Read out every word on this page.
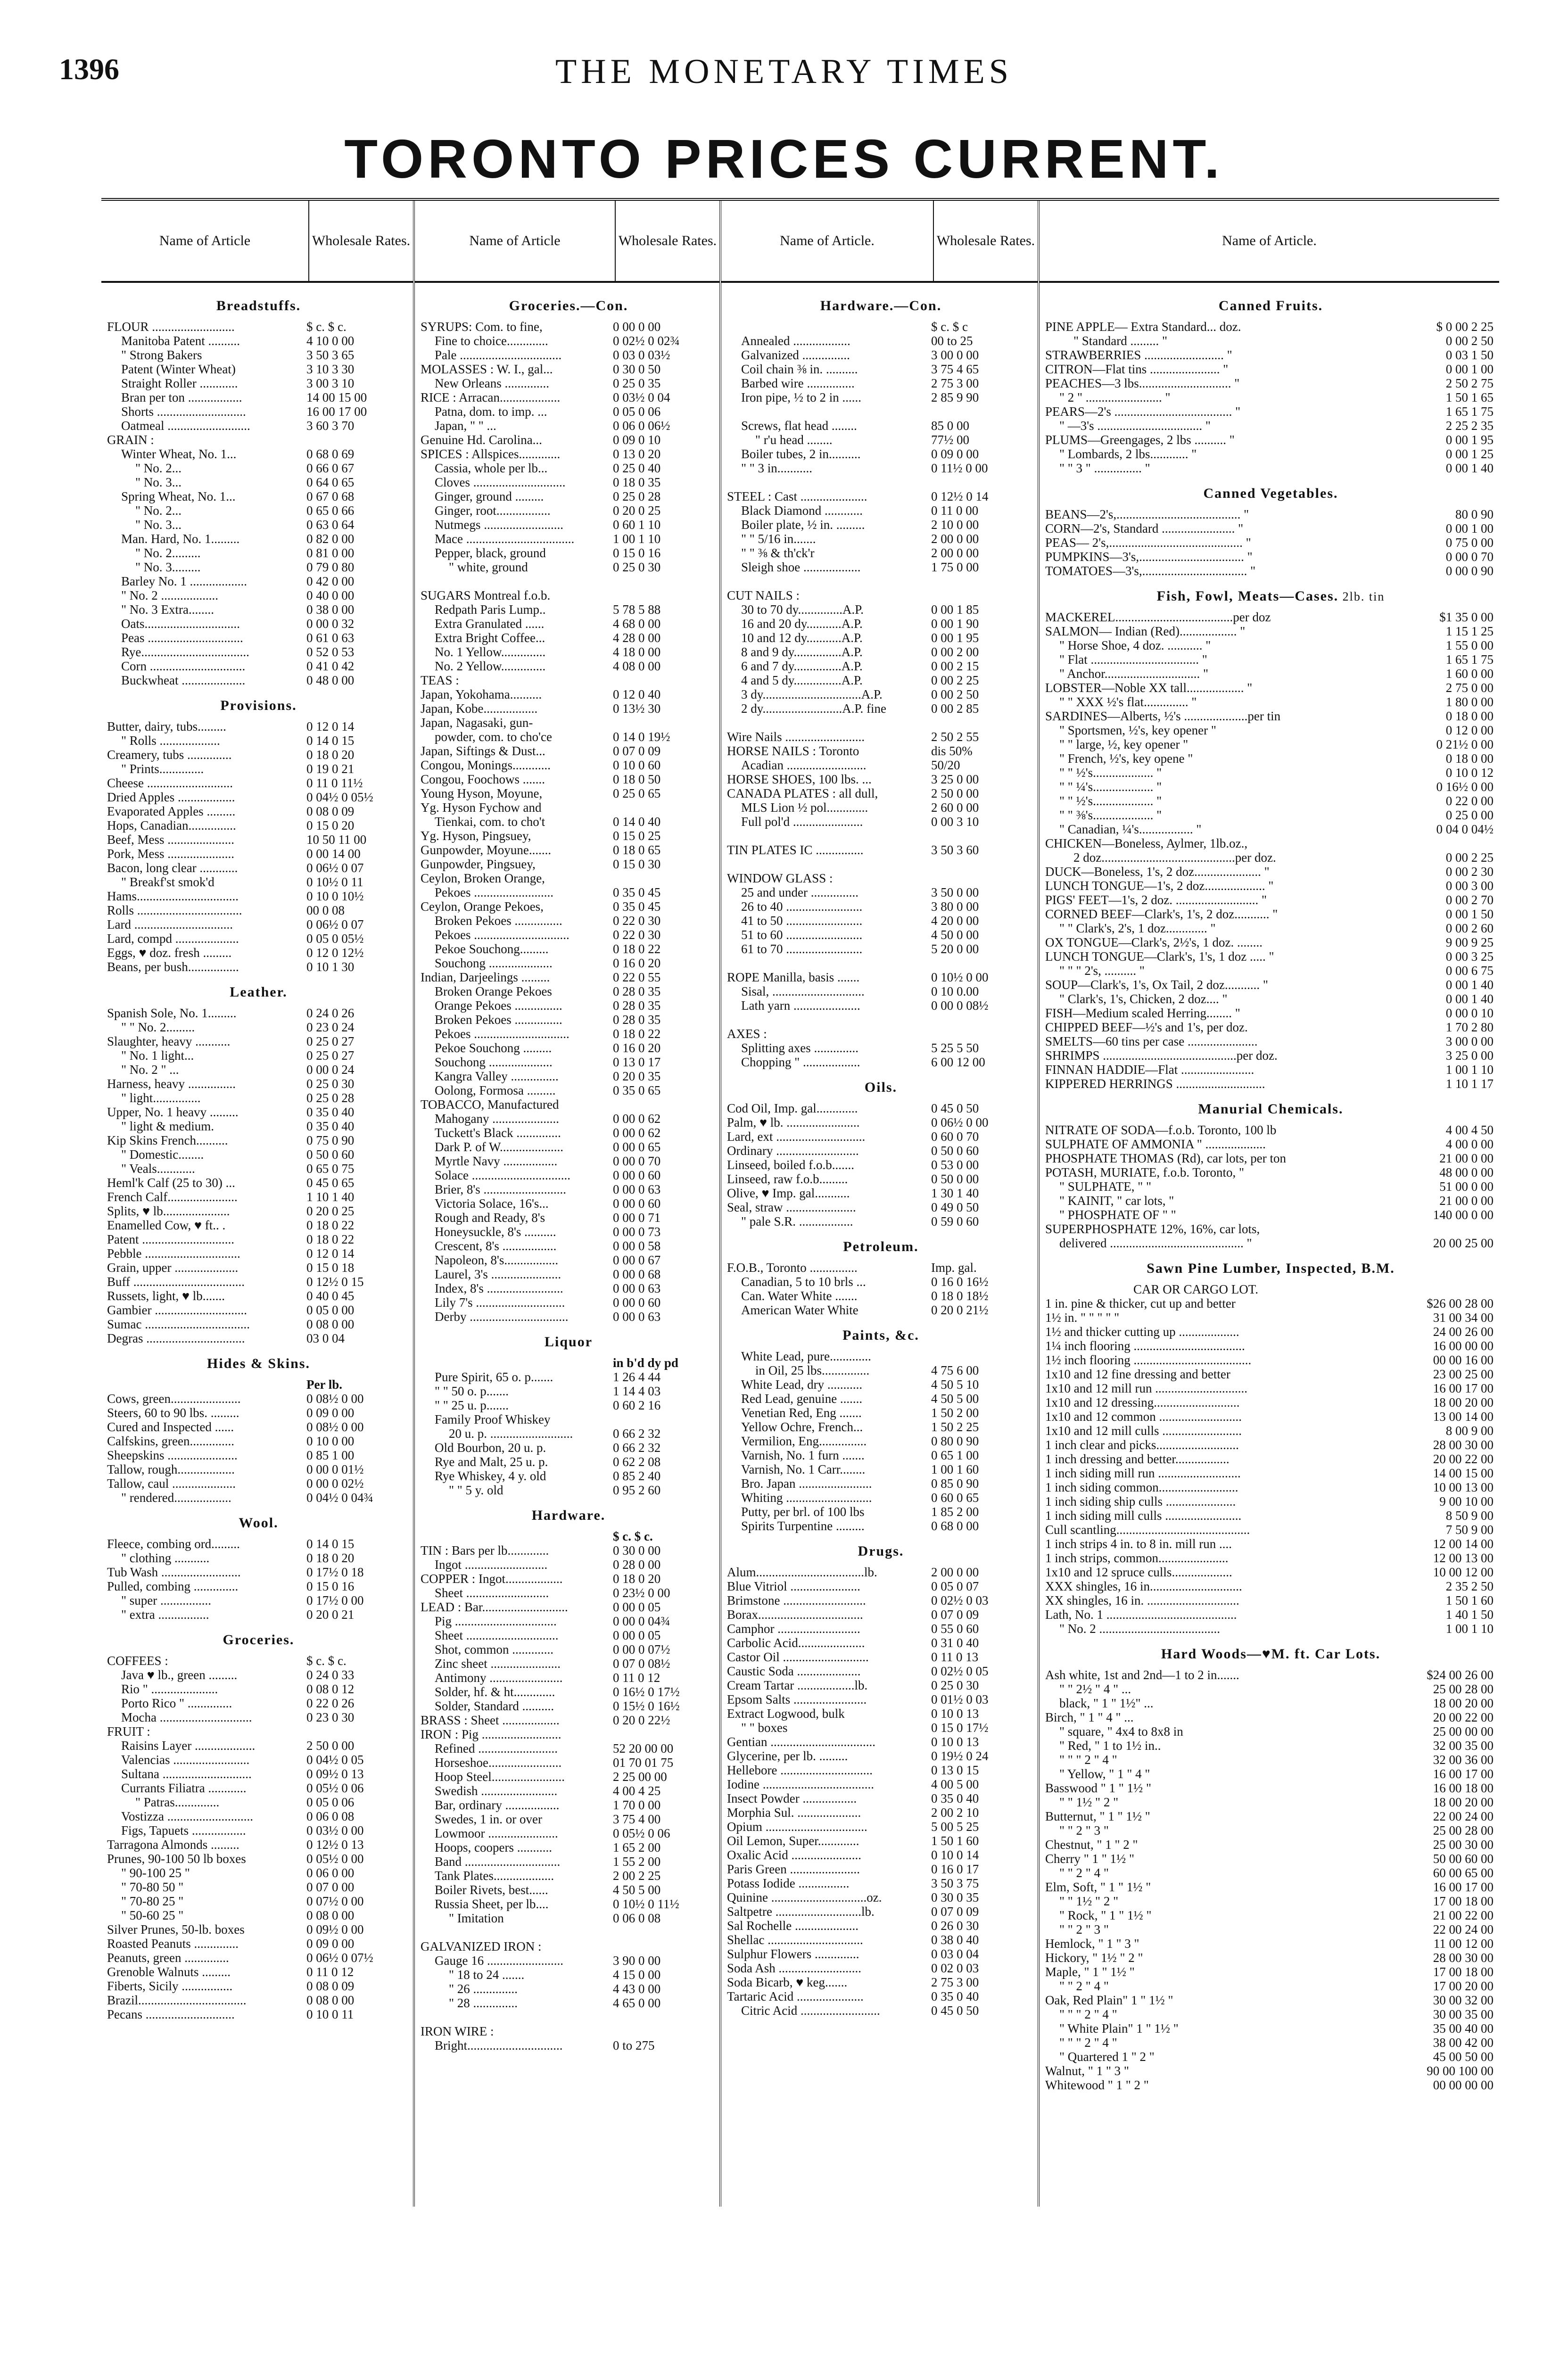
1396	THE MONETARY TIMES
TORONTO PRICES CURRENT.
Name of Article	Wholesale Rates.
Breadstuffs.
FLOUR ..........................	$ c. $ c.
Manitoba Patent ..........	4 10 0 00
" Strong Bakers	3 50 3 65
Patent (Winter Wheat)	3 10 3 30
Straight Roller ............	3 00 3 10
Bran per ton .................	14 00 15 00
Shorts ............................	16 00 17 00
Oatmeal ..........................	3 60 3 70
GRAIN :
Winter Wheat, No. 1...	0 68 0 69
" No. 2...	0 66 0 67
" No. 3...	0 64 0 65
Spring Wheat, No. 1...	0 67 0 68
" No. 2...	0 65 0 66
" No. 3...	0 63 0 64
Man. Hard, No. 1.........	0 82 0 00
" No. 2.........	0 81 0 00
" No. 3.........	0 79 0 80
Barley No. 1 ..................	0 42 0 00
" No. 2 ..................	0 40 0 00
" No. 3 Extra........	0 38 0 00
Oats..............................	0 00 0 32
Peas ..............................	0 61 0 63
Rye..................................	0 52 0 53
Corn ..............................	0 41 0 42
Buckwheat ....................	0 48 0 00
Provisions.
Butter, dairy, tubs.........	0 12 0 14
" Rolls ...................	0 14 0 15
Creamery, tubs ..............	0 18 0 20
" Prints..............	0 19 0 21
Cheese ...........................	0 11 0 11½
Dried Apples ..................	0 04½ 0 05½
Evaporated Apples .........	0 08 0 09
Hops, Canadian...............	0 15 0 20
Beef, Mess .....................	10 50 11 00
Pork, Mess .....................	0 00 14 00
Bacon, long clear ............	0 06½ 0 07
" Breakf'st smok'd	0 10½ 0 11
Hams................................	0 10 0 10½
Rolls .................................	00 0 08
Lard ...............................	0 06½ 0 07
Lard, compd ....................	0 05 0 05½
Eggs, ♥ doz. fresh .........	0 12 0 12½
Beans, per bush................	0 10 1 30
Leather.
Spanish Sole, No. 1.........	0 24 0 26
" " No. 2.........	0 23 0 24
Slaughter, heavy ...........	0 25 0 27
" No. 1 light...	0 25 0 27
" No. 2 " ...	0 00 0 24
Harness, heavy ...............	0 25 0 30
" light...............	0 25 0 28
Upper, No. 1 heavy .........	0 35 0 40
" light & medium.	0 35 0 40
Kip Skins French..........	0 75 0 90
" Domestic........	0 50 0 60
" Veals............	0 65 0 75
Heml'k Calf (25 to 30) ...	0 45 0 65
French Calf......................	1 10 1 40
Splits, ♥ lb.....................	0 20 0 25
Enamelled Cow, ♥ ft.. .	0 18 0 22
Patent .............................	0 18 0 22
Pebble ..............................	0 12 0 14
Grain, upper ....................	0 15 0 18
Buff ...................................	0 12½ 0 15
Russets, light, ♥ lb.......	0 40 0 45
Gambier .............................	0 05 0 00
Sumac .................................	0 08 0 00
Degras ...............................	03 0 04
Hides & Skins.
Per lb.
Cows, green......................	0 08½ 0 00
Steers, 60 to 90 lbs. .........	0 09 0 00
Cured and Inspected ......	0 08½ 0 00
Calfskins, green..............	0 10 0 00
Sheepskins ......................	0 85 1 00
Tallow, rough..................	0 00 0 01½
Tallow, caul ....................	0 00 0 02½
" rendered..................	0 04½ 0 04¾
Wool.
Fleece, combing ord.........	0 14 0 15
" clothing ...........	0 18 0 20
Tub Wash .........................	0 17½ 0 18
Pulled, combing ..............	0 15 0 16
" super ................	0 17½ 0 00
" extra ................	0 20 0 21
Groceries.
COFFEES :	$ c. $ c.
Java ♥ lb., green .........	0 24 0 33
Rio " .....................	0 08 0 12
Porto Rico " ..............	0 22 0 26
Mocha .............................	0 23 0 30
FRUIT :
Raisins Layer ...................	2 50 0 00
Valencias ........................	0 04½ 0 05
Sultana ............................	0 09½ 0 13
Currants Filiatra ............	0 05½ 0 06
" Patras..............	0 05 0 06
Vostizza ...........................	0 06 0 08
Figs, Tapuets .................	0 03½ 0 00
Tarragona Almonds .........	0 12½ 0 13
Prunes, 90-100 50 lb boxes	0 05½ 0 00
" 90-100 25 "	0 06 0 00
" 70-80 50 "	0 07 0 00
" 70-80 25 "	0 07½ 0 00
" 50-60 25 "	0 08 0 00
Silver Prunes, 50-lb. boxes	0 09½ 0 00
Roasted Peanuts ..............	0 09 0 00
Peanuts, green ..............	0 06½ 0 07½
Grenoble Walnuts .........	0 11 0 12
Fiberts, Sicily ................	0 08 0 09
Brazil..................................	0 08 0 00
Pecans ............................	0 10 0 11
Name of Article	Wholesale Rates.
Groceries.—Con.
SYRUPS: Com. to fine,	0 00 0 00
Fine to choice.............	0 02½ 0 02¾
Pale ................................	0 03 0 03½
MOLASSES : W. I., gal...	0 30 0 50
New Orleans ..............	0 25 0 35
RICE : Arracan...................	0 03½ 0 04
Patna, dom. to imp. ...	0 05 0 06
Japan, " " ...	0 06 0 06½
Genuine Hd. Carolina...	0 09 0 10
SPICES : Allspices.............	0 13 0 20
Cassia, whole per lb...	0 25 0 40
Cloves .............................	0 18 0 35
Ginger, ground .........	0 25 0 28
Ginger, root.................	0 20 0 25
Nutmegs .........................	0 60 1 10
Mace ..................................	1 00 1 10
Pepper, black, ground	0 15 0 16
" white, ground	0 25 0 30
SUGARS Montreal f.o.b.
Redpath Paris Lump..	5 78 5 88
Extra Granulated ......	4 68 0 00
Extra Bright Coffee...	4 28 0 00
No. 1 Yellow..............	4 18 0 00
No. 2 Yellow..............	4 08 0 00
TEAS :
Japan, Yokohama..........	0 12 0 40
Japan, Kobe.................	0 13½ 30
Japan, Nagasaki, gun-
powder, com. to cho'ce	0 14 0 19½
Japan, Siftings & Dust...	0 07 0 09
Congou, Monings............	0 10 0 60
Congou, Foochows .......	0 18 0 50
Young Hyson, Moyune,	0 25 0 65
Yg. Hyson Fychow and
Tienkai, com. to cho't	0 14 0 40
Yg. Hyson, Pingsuey,	0 15 0 25
Gunpowder, Moyune.......	0 18 0 65
Gunpowder, Pingsuey,	0 15 0 30
Ceylon, Broken Orange,
Pekoes .........................	0 35 0 45
Ceylon, Orange Pekoes,	0 35 0 45
Broken Pekoes ...............	0 22 0 30
Pekoes ..............................	0 22 0 30
Pekoe Souchong.........	0 18 0 22
Souchong ....................	0 16 0 20
Indian, Darjeelings .........	0 22 0 55
Broken Orange Pekoes	0 28 0 35
Orange Pekoes ...............	0 28 0 35
Broken Pekoes ...............	0 28 0 35
Pekoes ..............................	0 18 0 22
Pekoe Souchong .........	0 16 0 20
Souchong ....................	0 13 0 17
Kangra Valley ...............	0 20 0 35
Oolong, Formosa .........	0 35 0 65
TOBACCO, Manufactured
Mahogany .....................	0 00 0 62
Tuckett's Black ..............	0 00 0 62
Dark P. of W....................	0 00 0 65
Myrtle Navy .................	0 00 0 70
Solace ...............................	0 00 0 60
Brier, 8's ..........................	0 00 0 63
Victoria Solace, 16's...	0 00 0 60
Rough and Ready, 8's	0 00 0 71
Honeysuckle, 8's ..........	0 00 0 73
Crescent, 8's .................	0 00 0 58
Napoleon, 8's.................	0 00 0 67
Laurel, 3's ......................	0 00 0 68
Index, 8's ........................	0 00 0 63
Lily 7's ............................	0 00 0 60
Derby ...............................	0 00 0 63
Liquor
in b'd dy pd
Pure Spirit, 65 o. p.......	1 26 4 44
" " 50 o. p.......	1 14 4 03
" " 25 u. p.......	0 60 2 16
Family Proof Whiskey
20 u. p. ..........................	0 66 2 32
Old Bourbon, 20 u. p.	0 66 2 32
Rye and Malt, 25 u. p.	0 62 2 08
Rye Whiskey, 4 y. old	0 85 2 40
" " 5 y. old	0 95 2 60
Hardware.
$ c. $ c.
TIN : Bars per lb.............	0 30 0 00
Ingot ..........................	0 28 0 00
COPPER : Ingot..................	0 18 0 20
Sheet ..........................	0 23½ 0 00
LEAD : Bar...........................	0 00 0 05
Pig ................................	0 00 0 04¾
Sheet .............................	0 00 0 05
Shot, common .............	0 00 0 07½
Zinc sheet ......................	0 07 0 08½
Antimony .......................	0 11 0 12
Solder, hf. & ht.............	0 16½ 0 17½
Solder, Standard ..........	0 15½ 0 16½
BRASS : Sheet ..................	0 20 0 22½
IRON : Pig .........................
Refined .........................	52 20 00 00
Horseshoe.......................	01 70 01 75
Hoop Steel.......................	2 25 00 00
Swedish ........................	4 00 4 25
Bar, ordinary .................	1 70 0 00
Swedes, 1 in. or over	3 75 4 00
Lowmoor ......................	0 05½ 0 06
Hoops, coopers ...........	1 65 2 00
Band ..............................	1 55 2 00
Tank Plates...................	2 00 2 25
Boiler Rivets, best......	4 50 5 00
Russia Sheet, per lb....	0 10½ 0 11½
" Imitation	0 06 0 08
GALVANIZED IRON :
Gauge 16 ........................	3 90 0 00
" 18 to 24 .......	4 15 0 00
" 26 ..............	4 43 0 00
" 28 ..............	4 65 0 00
IRON WIRE :
Bright..............................	0 to 275
Name of Article.	Wholesale Rates.
Hardware.—Con.
$ c. $ c
Annealed ..................	00 to 25
Galvanized ...............	3 00 0 00
Coil chain ⅜ in. ..........	3 75 4 65
Barbed wire ...............	2 75 3 00
Iron pipe, ½ to 2 in ......	2 85 9 90
Screws, flat head ........	85 0 00
" r'u head ........	77½ 00
Boiler tubes, 2 in..........	0 09 0 00
" " 3 in...........	0 11½ 0 00
STEEL : Cast .....................	0 12½ 0 14
Black Diamond ............	0 11 0 00
Boiler plate, ½ in. .........	2 10 0 00
" " 5/16 in.......	2 00 0 00
" " ⅜ & th'ck'r	2 00 0 00
Sleigh shoe ..................	1 75 0 00
CUT NAILS :
30 to 70 dy..............A.P.	0 00 1 85
16 and 20 dy...........A.P.	0 00 1 90
10 and 12 dy...........A.P.	0 00 1 95
8 and 9 dy...............A.P.	0 00 2 00
6 and 7 dy...............A.P.	0 00 2 15
4 and 5 dy...............A.P.	0 00 2 25
3 dy...............................A.P.	0 00 2 50
2 dy.........................A.P. fine	0 00 2 85
Wire Nails .........................	2 50 2 55
HORSE NAILS : Toronto	dis 50%
Acadian .........................	50/20
HORSE SHOES, 100 lbs. ...	3 25 0 00
CANADA PLATES : all dull,	2 50 0 00
MLS Lion ½ pol.............	2 60 0 00
Full pol'd ......................	0 00 3 10
TIN PLATES IC ...............	3 50 3 60
WINDOW GLASS :
25 and under ...............	3 50 0 00
26 to 40 ........................	3 80 0 00
41 to 50 ........................	4 20 0 00
51 to 60 ........................	4 50 0 00
61 to 70 ........................	5 20 0 00
ROPE Manilla, basis .......	0 10½ 0 00
Sisal, .............................	0 10 0.00
Lath yarn .....................	0 00 0 08½
AXES :
Splitting axes ..............	5 25 5 50
Chopping " ..................	6 00 12 00
Oils.
Cod Oil, Imp. gal.............	0 45 0 50
Palm, ♥ lb. .......................	0 06½ 0 00
Lard, ext ............................	0 60 0 70
Ordinary ..........................	0 50 0 60
Linseed, boiled f.o.b.......	0 53 0 00
Linseed, raw f.o.b.........	0 50 0 00
Olive, ♥ Imp. gal...........	1 30 1 40
Seal, straw ......................	0 49 0 50
" pale S.R. .................	0 59 0 60
Petroleum.
F.O.B., Toronto ...............	Imp. gal.
Canadian, 5 to 10 brls ...	0 16 0 16½
Can. Water White .......	0 18 0 18½
American Water White	0 20 0 21½
Paints, &c.
White Lead, pure.............
in Oil, 25 lbs...............	4 75 6 00
White Lead, dry ...........	4 50 5 10
Red Lead, genuine .......	4 50 5 00
Venetian Red, Eng .......	1 50 2 00
Yellow Ochre, French...	1 50 2 25
Vermilion, Eng...............	0 80 0 90
Varnish, No. 1 furn .......	0 65 1 00
Varnish, No. 1 Carr........	1 00 1 60
Bro. Japan .......................	0 85 0 90
Whiting ...........................	0 60 0 65
Putty, per brl. of 100 lbs	1 85 2 00
Spirits Turpentine .........	0 68 0 00
Drugs.
Alum..................................lb.	2 00 0 00
Blue Vitriol ......................	0 05 0 07
Brimstone ..........................	0 02½ 0 03
Borax.................................	0 07 0 09
Camphor ..........................	0 55 0 60
Carbolic Acid.....................	0 31 0 40
Castor Oil ...........................	0 11 0 13
Caustic Soda ....................	0 02½ 0 05
Cream Tartar ..................lb.	0 25 0 30
Epsom Salts .......................	0 01½ 0 03
Extract Logwood, bulk	0 10 0 13
" " boxes	0 15 0 17½
Gentian .................................	0 10 0 13
Glycerine, per lb. .........	0 19½ 0 24
Hellebore .............................	0 13 0 15
Iodine ...................................	4 00 5 00
Insect Powder .................	0 35 0 40
Morphia Sul. ....................	2 00 2 10
Opium ................................	5 00 5 25
Oil Lemon, Super.............	1 50 1 60
Oxalic Acid ......................	0 10 0 14
Paris Green ......................	0 16 0 17
Potass Iodide ................	3 50 3 75
Quinine ..............................oz.	0 30 0 35
Saltpetre ...........................lb.	0 07 0 09
Sal Rochelle ....................	0 26 0 30
Shellac ..............................	0 38 0 40
Sulphur Flowers ..............	0 03 0 04
Soda Ash ..........................	0 02 0 03
Soda Bicarb, ♥ keg.......	2 75 3 00
Tartaric Acid .....................	0 35 0 40
Citric Acid .........................	0 45 0 50
Name of Article.
Canned Fruits.
PINE APPLE— Extra Standard... doz.	$ 0 00 2 25
" Standard ......... "	0 00 2 50
STRAWBERRIES ......................... "	0 03 1 50
CITRON—Flat tins ...................... "	0 00 1 00
PEACHES—3 lbs............................. "	2 50 2 75
" 2 " ........................ "	1 50 1 65
PEARS—2's ..................................... "	1 65 1 75
" —3's ................................. "	2 25 2 35
PLUMS—Greengages, 2 lbs .......... "	0 00 1 95
" Lombards, 2 lbs............ "	0 00 1 25
" " 3 " ............... "	0 00 1 40
Canned Vegetables.
BEANS—2's,....................................... "	80 0 90
CORN—2's, Standard ....................... "	0 00 1 00
PEAS— 2's,.......................................... "	0 75 0 00
PUMPKINS—3's,................................. "	0 00 0 70
TOMATOES—3's,................................. "	0 00 0 90
Fish, Fowl, Meats—Cases. 2lb. tin
MACKEREL.....................................per doz	$1 35 0 00
SALMON— Indian (Red).................. "	1 15 1 25
" Horse Shoe, 4 doz. ........... "	1 55 0 00
" Flat .................................. "	1 65 1 75
" Anchor.............................. "	1 60 0 00
LOBSTER—Noble XX tall.................. "	2 75 0 00
" " XXX ½'s flat.............. "	1 80 0 00
SARDINES—Alberts, ½'s ....................per tin	0 18 0 00
" Sportsmen, ½'s, key opener "	0 12 0 00
" " large, ½, key opener "	0 21½ 0 00
" French, ½'s, key opene "	0 18 0 00
" " ½'s................... "	0 10 0 12
" " ¼'s................... "	0 16½ 0 00
" " ½'s................... "	0 22 0 00
" " ⅜'s................... "	0 25 0 00
" Canadian, ¼'s................. "	0 04 0 04½
CHICKEN—Boneless, Aylmer, 1lb.oz.,
2 doz..........................................per doz.	0 00 2 25
DUCK—Boneless, 1's, 2 doz..................... "	0 00 2 30
LUNCH TONGUE—1's, 2 doz................... "	0 00 3 00
PIGS' FEET—1's, 2 doz. .......................... "	0 00 2 70
CORNED BEEF—Clark's, 1's, 2 doz........... "	0 00 1 50
" " Clark's, 2's, 1 doz............. "	0 00 2 60
OX TONGUE—Clark's, 2½'s, 1 doz. ........	9 00 9 25
LUNCH TONGUE—Clark's, 1's, 1 doz ..... "	0 00 3 25
" " " 2's, .......... "	0 00 6 75
SOUP—Clark's, 1's, Ox Tail, 2 doz........... "	0 00 1 40
" Clark's, 1's, Chicken, 2 doz.... "	0 00 1 40
FISH—Medium scaled Herring........ "	0 00 0 10
CHIPPED BEEF—½'s and 1's, per doz.	1 70 2 80
SMELTS—60 tins per case ......................	3 00 0 00
SHRIMPS ..........................................per doz.	3 25 0 00
FINNAN HADDIE—Flat .......................	1 00 1 10
KIPPERED HERRINGS ............................	1 10 1 17
Manurial Chemicals.
NITRATE OF SODA—f.o.b. Toronto, 100 lb	4 00 4 50
SULPHATE OF AMMONIA " ...................	4 00 0 00
PHOSPHATE THOMAS (Rd), car lots, per ton	21 00 0 00
POTASH, MURIATE, f.o.b. Toronto, "	48 00 0 00
" SULPHATE, " "	51 00 0 00
" KAINIT, " car lots, "	21 00 0 00
" PHOSPHATE OF " "	140 00 0 00
SUPERPHOSPHATE 12%, 16%, car lots,
delivered .......................................... "	20 00 25 00
Sawn Pine Lumber, Inspected, B.M.
CAR OR CARGO LOT.
1 in. pine & thicker, cut up and better	$26 00 28 00
1½ in. " " " " "	31 00 34 00
1½ and thicker cutting up ...................	24 00 26 00
1¼ inch flooring ...................................	16 00 00 00
1½ inch flooring .....................................	00 00 16 00
1x10 and 12 fine dressing and better	23 00 25 00
1x10 and 12 mill run .............................	16 00 17 00
1x10 and 12 dressing...........................	18 00 20 00
1x10 and 12 common ..........................	13 00 14 00
1x10 and 12 mill culls .........................	8 00 9 00
1 inch clear and picks..........................	28 00 30 00
1 inch dressing and better.................	20 00 22 00
1 inch siding mill run ..........................	14 00 15 00
1 inch siding common.........................	10 00 13 00
1 inch siding ship culls ......................	9 00 10 00
1 inch siding mill culls ........................	8 50 9 00
Cull scantling..........................................	7 50 9 00
1 inch strips 4 in. to 8 in. mill run ....	12 00 14 00
1 inch strips, common......................	12 00 13 00
1x10 and 12 spruce culls...................	10 00 12 00
XXX shingles, 16 in.............................	2 35 2 50
XX shingles, 16 in. .............................	1 50 1 60
Lath, No. 1 .........................................	1 40 1 50
" No. 2 ......................................	1 00 1 10
Hard Woods—♥M. ft. Car Lots.
Ash white, 1st and 2nd—1 to 2 in.......	$24 00 26 00
" " 2½ " 4 " ...	25 00 28 00
black, " 1 " 1½" ...	18 00 20 00
Birch, " 1 " 4 " ...	20 00 22 00
" square, " 4x4 to 8x8 in	25 00 00 00
" Red, " 1 to 1½ in..	32 00 35 00
" " " 2 " 4 "	32 00 36 00
" Yellow, " 1 " 4 "	16 00 17 00
Basswood " 1 " 1½ "	16 00 18 00
" " 1½ " 2 "	18 00 20 00
Butternut, " 1 " 1½ "	22 00 24 00
" " 2 " 3 "	25 00 28 00
Chestnut, " 1 " 2 "	25 00 30 00
Cherry " 1 " 1½ "	50 00 60 00
" " 2 " 4 "	60 00 65 00
Elm, Soft, " 1 " 1½ "	16 00 17 00
" " 1½ " 2 "	17 00 18 00
" Rock, " 1 " 1½ "	21 00 22 00
" " 2 " 3 "	22 00 24 00
Hemlock, " 1 " 3 "	11 00 12 00
Hickory, " 1½ " 2 "	28 00 30 00
Maple, " 1 " 1½ "	17 00 18 00
" " 2 " 4 "	17 00 20 00
Oak, Red Plain" 1 " 1½ "	30 00 32 00
" " " 2 " 4 "	30 00 35 00
" White Plain" 1 " 1½ "	35 00 40 00
" " " 2 " 4 "	38 00 42 00
" Quartered 1 " 2 "	45 00 50 00
Walnut, " 1 " 3 "	90 00 100 00
Whitewood " 1 " 2 "	00 00 00 00
